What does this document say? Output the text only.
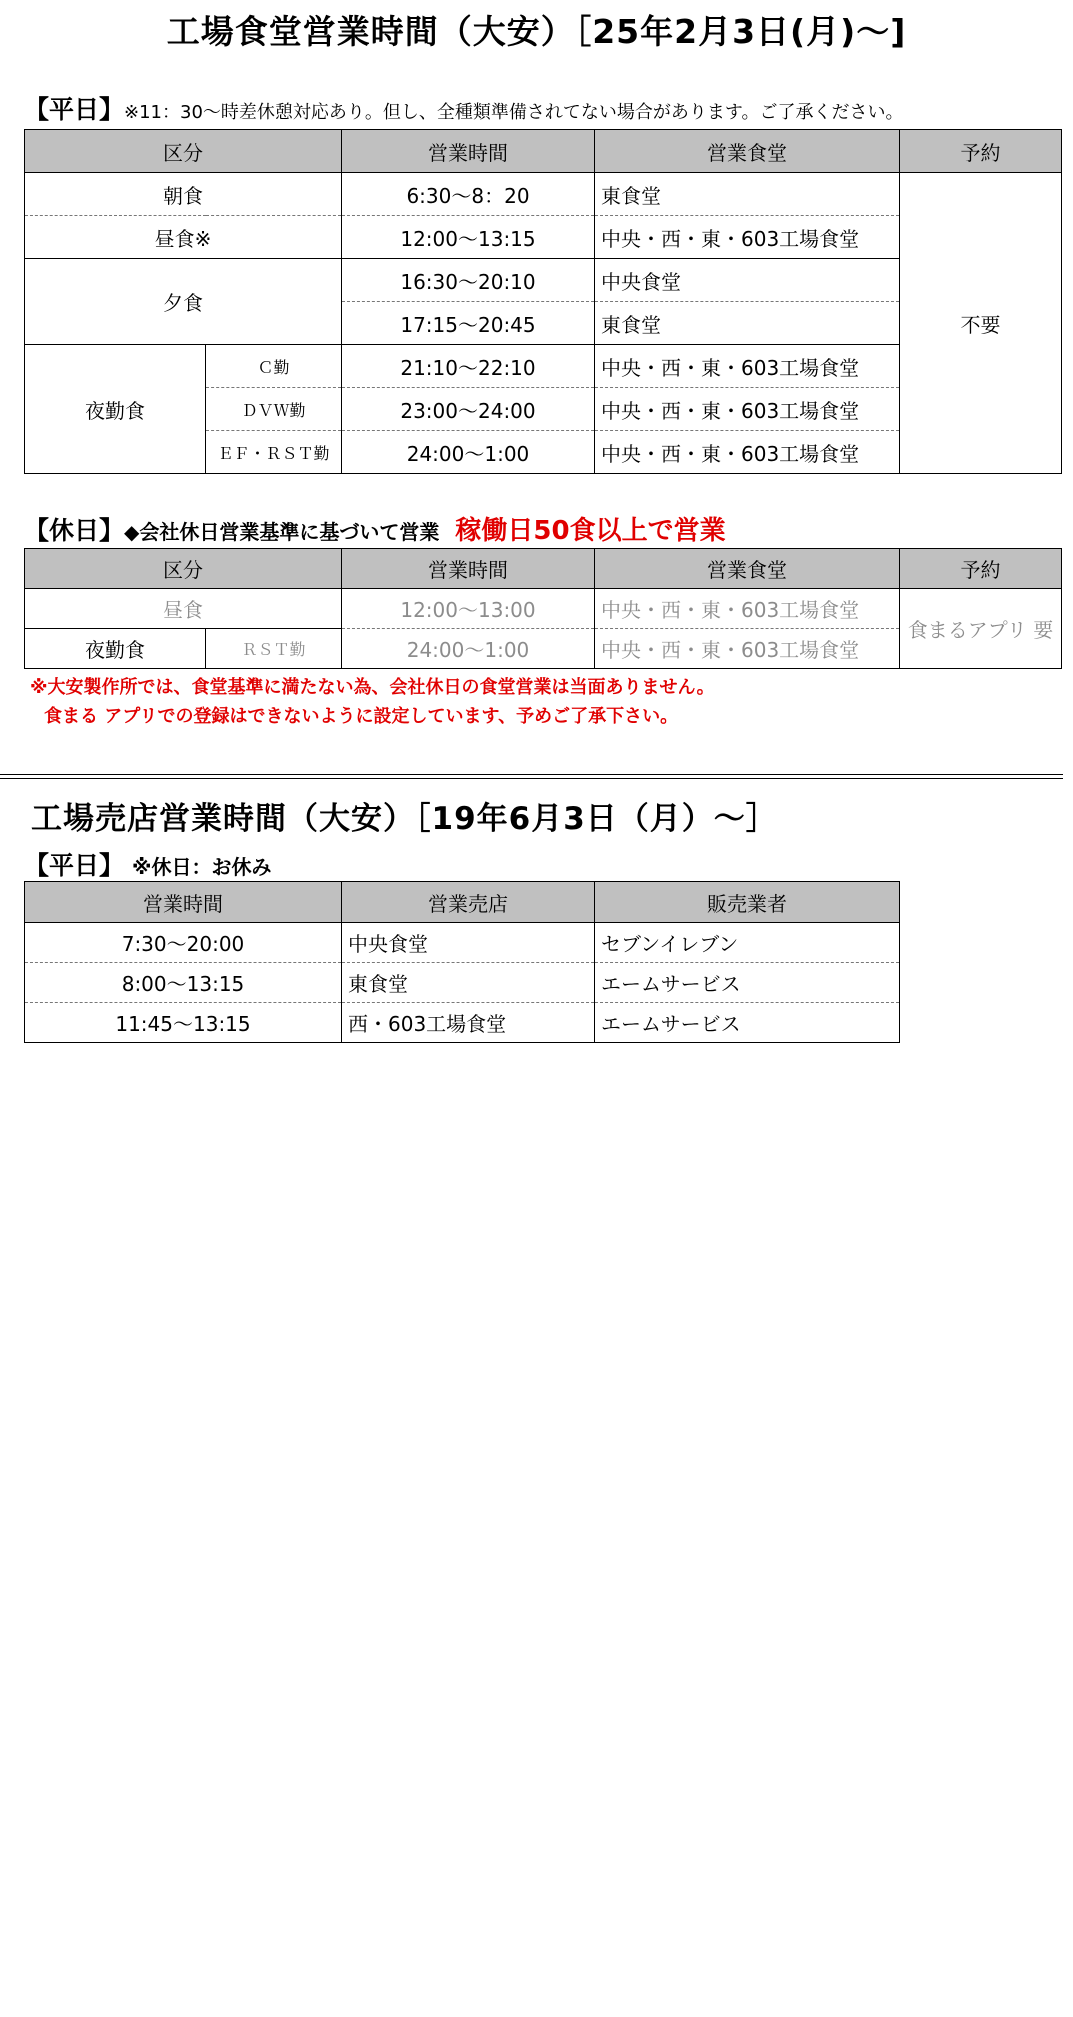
工場食堂営業時間（大安）［25年2月3日(月)～]
【平日】※11：30～時差休憩対応あり。但し、全種類準備されてない場合があります。ご了承ください。
区分		営業時間	営業食堂	予約
朝食		6:30～8：20	東食堂	不要
昼食※		12:00～13:15	中央・西・東・603工場食堂	
夕食		16:30～20:10	中央食堂	
		17:15～20:45	東食堂	
夜勤食	Ｃ勤	21:10～22:10	中央・西・東・603工場食堂	
	ＤＶＷ勤	23:00～24:00	中央・西・東・603工場食堂	
	ＥＦ・ＲＳＴ勤	24:00～1:00	中央・西・東・603工場食堂	
【休日】◆会社休日営業基準に基づいて営業 稼働日50食以上で営業
区分		営業時間	営業食堂	予約
昼食		12:00～13:00	中央・西・東・603工場食堂	食まるアプリ 要
夜勤食	ＲＳＴ勤	24:00～1:00	中央・西・東・603工場食堂	
※大安製作所では、食堂基準に満たない為、会社休日の食堂営業は当面ありません。
食まる アプリでの登録はできないように設定しています、予めご了承下さい。
工場売店営業時間（大安）［19年6月3日（月）～］
【平日】 ※休日：お休み
営業時間	営業売店	販売業者
7:30～20:00	中央食堂	セブンイレブン
8:00～13:15	東食堂	エームサービス
11:45～13:15	西・603工場食堂	エームサービス
